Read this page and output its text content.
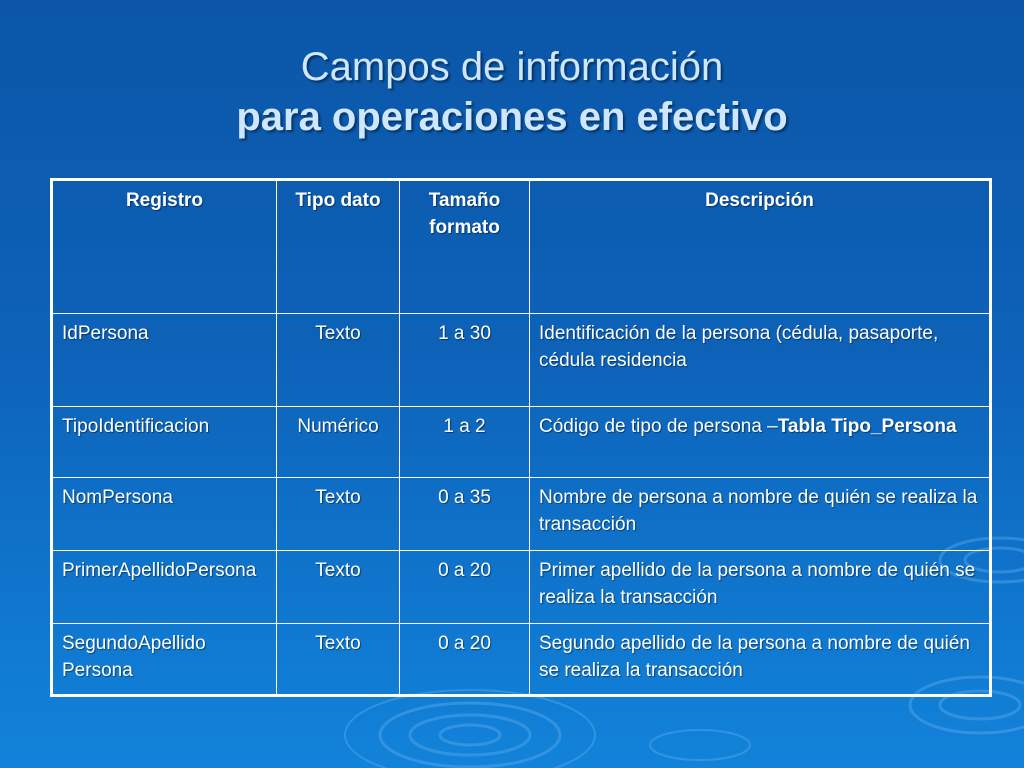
Campos de información
para operaciones en efectivo
Registro	Tipo dato	Tamaño formato	Descripción
IdPersona	Texto	1 a 30	Identificación de la persona (cédula, pasaporte, cédula residencia
TipoIdentificacion	Numérico	1 a 2	Código de tipo de persona –Tabla Tipo_Persona
NomPersona	Texto	0 a 35	Nombre de persona a nombre de quién se realiza la transacción
PrimerApellidoPersona	Texto	0 a 20	Primer apellido de la persona a nombre de quién se realiza la transacción
SegundoApellido Persona	Texto	0 a 20	Segundo apellido de la persona a nombre de quién se realiza la transacción
